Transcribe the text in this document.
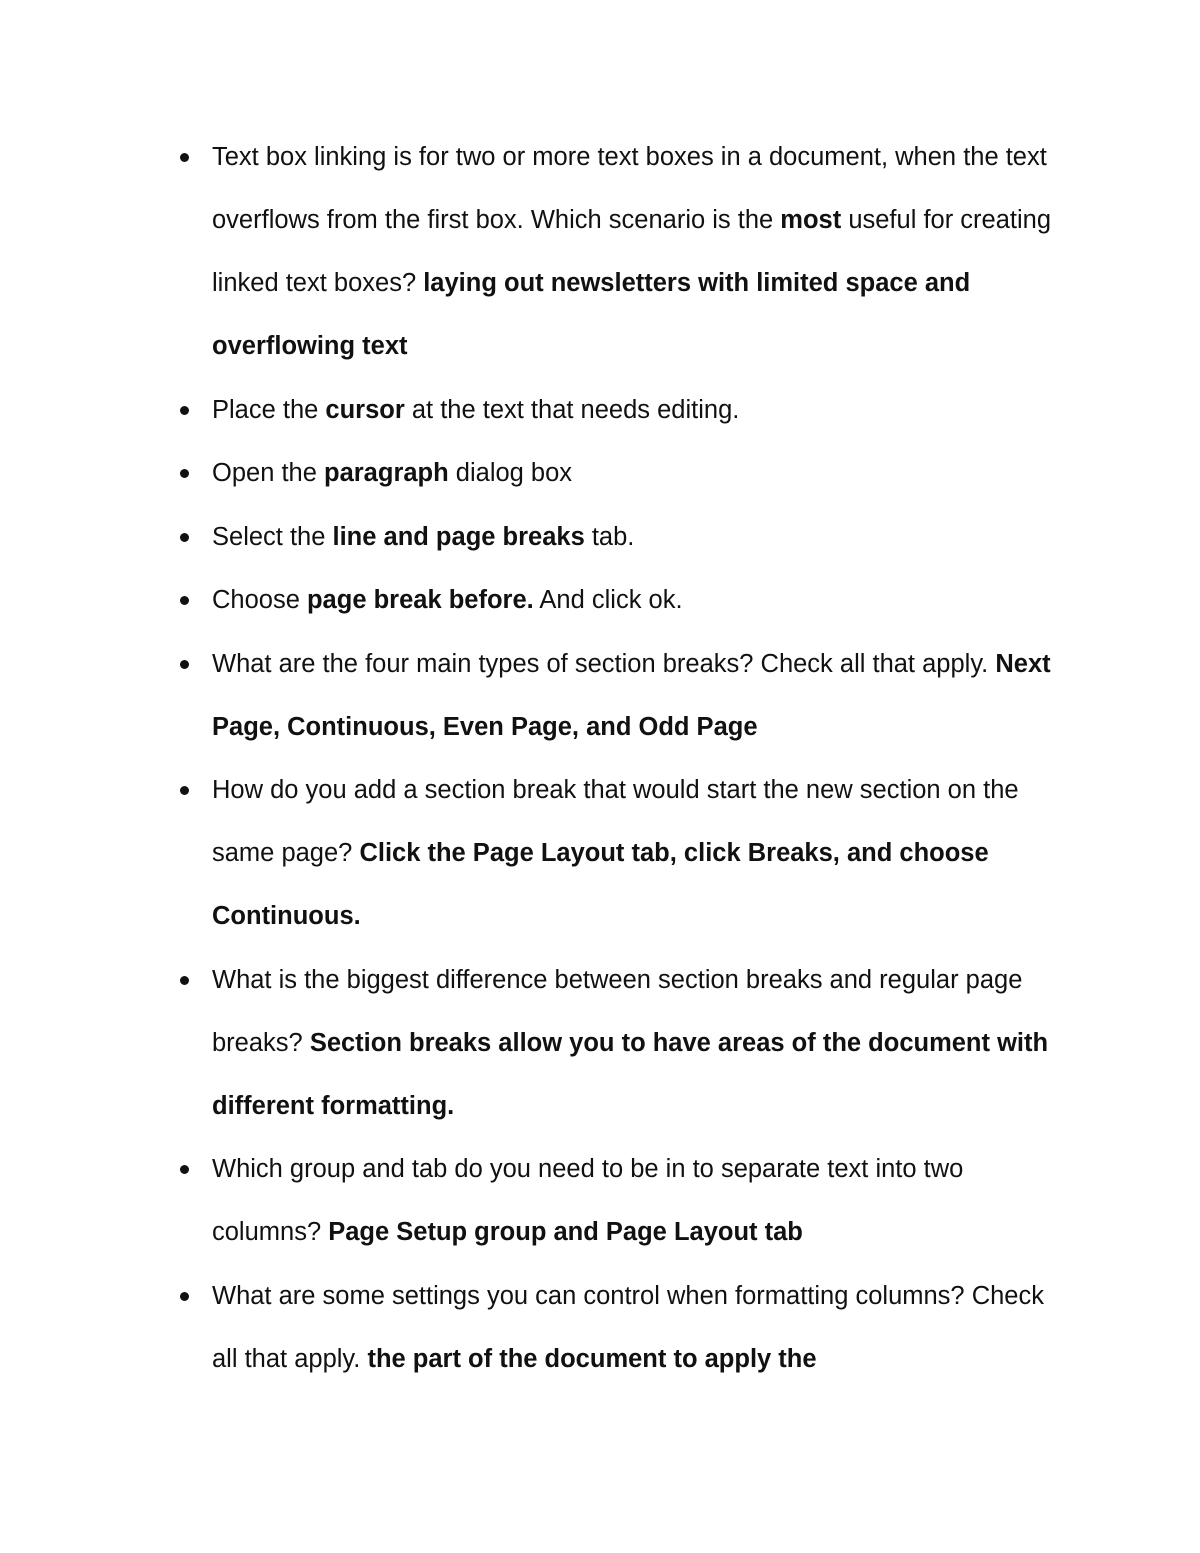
Text box linking is for two or more text boxes in a document, when the text overflows from the first box. Which scenario is the most useful for creating linked text boxes? laying out newsletters with limited space and overflowing text
Place the cursor at the text that needs editing.
Open the paragraph dialog box
Select the line and page breaks tab.
Choose page break before. And click ok.
What are the four main types of section breaks? Check all that apply. Next Page, Continuous, Even Page, and Odd Page
How do you add a section break that would start the new section on the same page? Click the Page Layout tab, click Breaks, and choose Continuous.
What is the biggest difference between section breaks and regular page breaks? Section breaks allow you to have areas of the document with different formatting.
Which group and tab do you need to be in to separate text into two columns? Page Setup group and Page Layout tab
What are some settings you can control when formatting columns? Check all that apply. the part of the document to apply the
